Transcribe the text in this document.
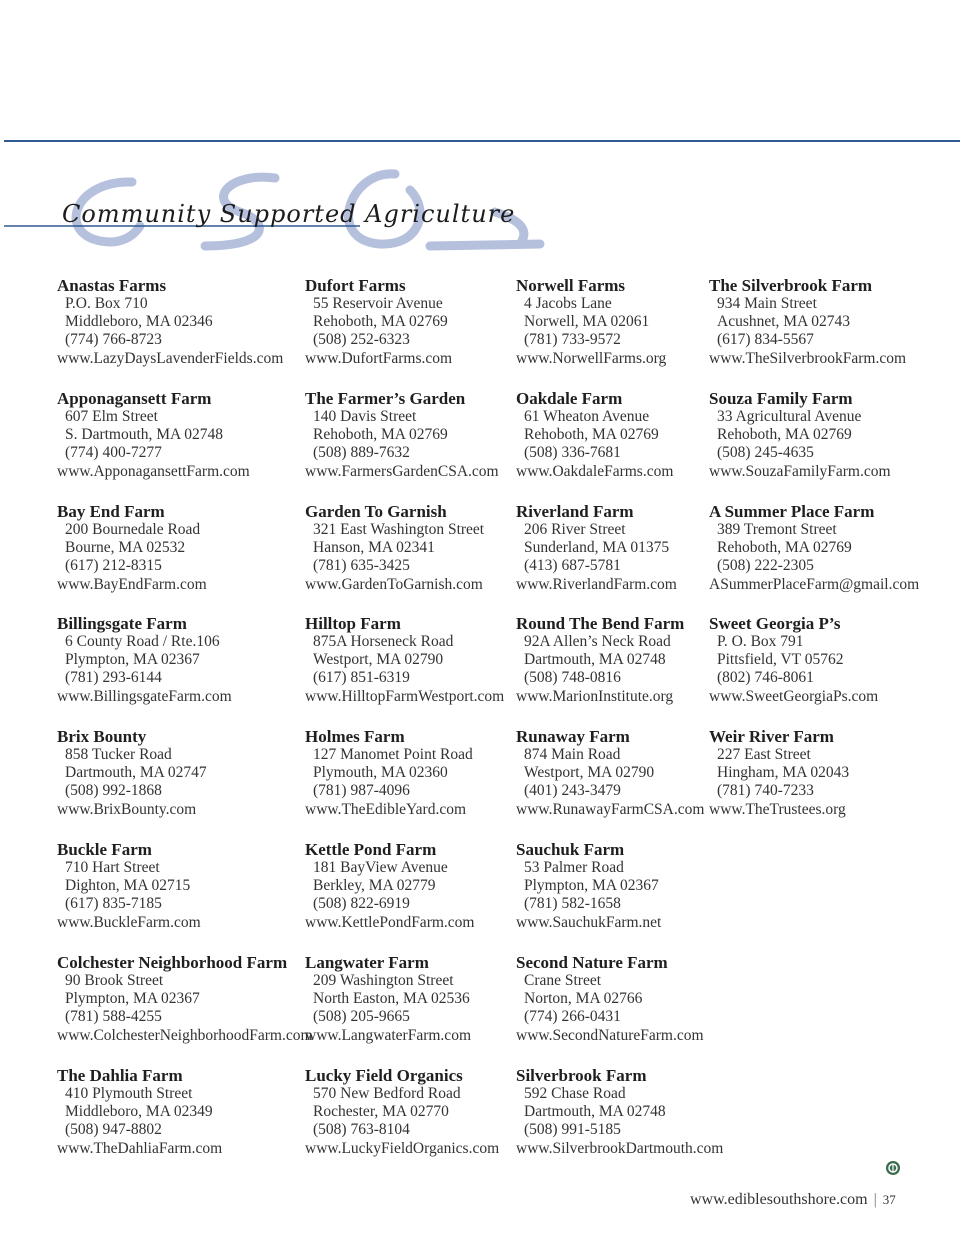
Community Supported Agriculture
Anastas Farms
P.O. Box 710
Middleboro, MA 02346
(774) 766-8723
www.LazyDaysLavenderFields.com
Apponagansett Farm
607 Elm Street
S. Dartmouth, MA 02748
(774) 400-7277
www.ApponagansettFarm.com
Bay End Farm
200 Bournedale Road
Bourne, MA 02532
(617) 212-8315
www.BayEndFarm.com
Billingsgate Farm
6 County Road / Rte.106
Plympton, MA 02367
(781) 293-6144
www.BillingsgateFarm.com
Brix Bounty
858 Tucker Road
Dartmouth, MA 02747
(508) 992-1868
www.BrixBounty.com
Buckle Farm
710 Hart Street
Dighton, MA 02715
(617) 835-7185
www.BuckleFarm.com
Colchester Neighborhood Farm
90 Brook Street
Plympton, MA 02367
(781) 588-4255
www.ColchesterNeighborhoodFarm.com
The Dahlia Farm
410 Plymouth Street
Middleboro, MA 02349
(508) 947-8802
www.TheDahliaFarm.com
Dufort Farms
55 Reservoir Avenue
Rehoboth, MA 02769
(508) 252-6323
www.DufortFarms.com
The Farmer’s Garden
140 Davis Street
Rehoboth, MA 02769
(508) 889-7632
www.FarmersGardenCSA.com
Garden To Garnish
321 East Washington Street
Hanson, MA 02341
(781) 635-3425
www.GardenToGarnish.com
Hilltop Farm
875A Horseneck Road
Westport, MA 02790
(617) 851-6319
www.HilltopFarmWestport.com
Holmes Farm
127 Manomet Point Road
Plymouth, MA 02360
(781) 987-4096
www.TheEdibleYard.com
Kettle Pond Farm
181 BayView Avenue
Berkley, MA 02779
(508) 822-6919
www.KettlePondFarm.com
Langwater Farm
209 Washington Street
North Easton, MA 02536
(508) 205-9665
www.LangwaterFarm.com
Lucky Field Organics
570 New Bedford Road
Rochester, MA 02770
(508) 763-8104
www.LuckyFieldOrganics.com
Norwell Farms
4 Jacobs Lane
Norwell, MA 02061
(781) 733-9572
www.NorwellFarms.org
Oakdale Farm
61 Wheaton Avenue
Rehoboth, MA 02769
(508) 336-7681
www.OakdaleFarms.com
Riverland Farm
206 River Street
Sunderland, MA 01375
(413) 687-5781
www.RiverlandFarm.com
Round The Bend Farm
92A Allen’s Neck Road
Dartmouth, MA 02748
(508) 748-0816
www.MarionInstitute.org
Runaway Farm
874 Main Road
Westport, MA 02790
(401) 243-3479
www.RunawayFarmCSA.com
Sauchuk Farm
53 Palmer Road
Plympton, MA 02367
(781) 582-1658
www.SauchukFarm.net
Second Nature Farm
Crane Street
Norton, MA 02766
(774) 266-0431
www.SecondNatureFarm.com
Silverbrook Farm
592 Chase Road
Dartmouth, MA 02748
(508) 991-5185
www.SilverbrookDartmouth.com
The Silverbrook Farm
934 Main Street
Acushnet, MA 02743
(617) 834-5567
www.TheSilverbrookFarm.com
Souza Family Farm
33 Agricultural Avenue
Rehoboth, MA 02769
(508) 245-4635
www.SouzaFamilyFarm.com
A Summer Place Farm
389 Tremont Street
Rehoboth, MA 02769
(508) 222-2305
ASummerPlaceFarm@gmail.com
Sweet Georgia P’s
P. O. Box 791
Pittsfield, VT 05762
(802) 746-8061
www.SweetGeorgiaPs.com
Weir River Farm
227 East Street
Hingham, MA 02043
(781) 740-7233
www.TheTrustees.org
www.ediblesouthshore.com | 37
